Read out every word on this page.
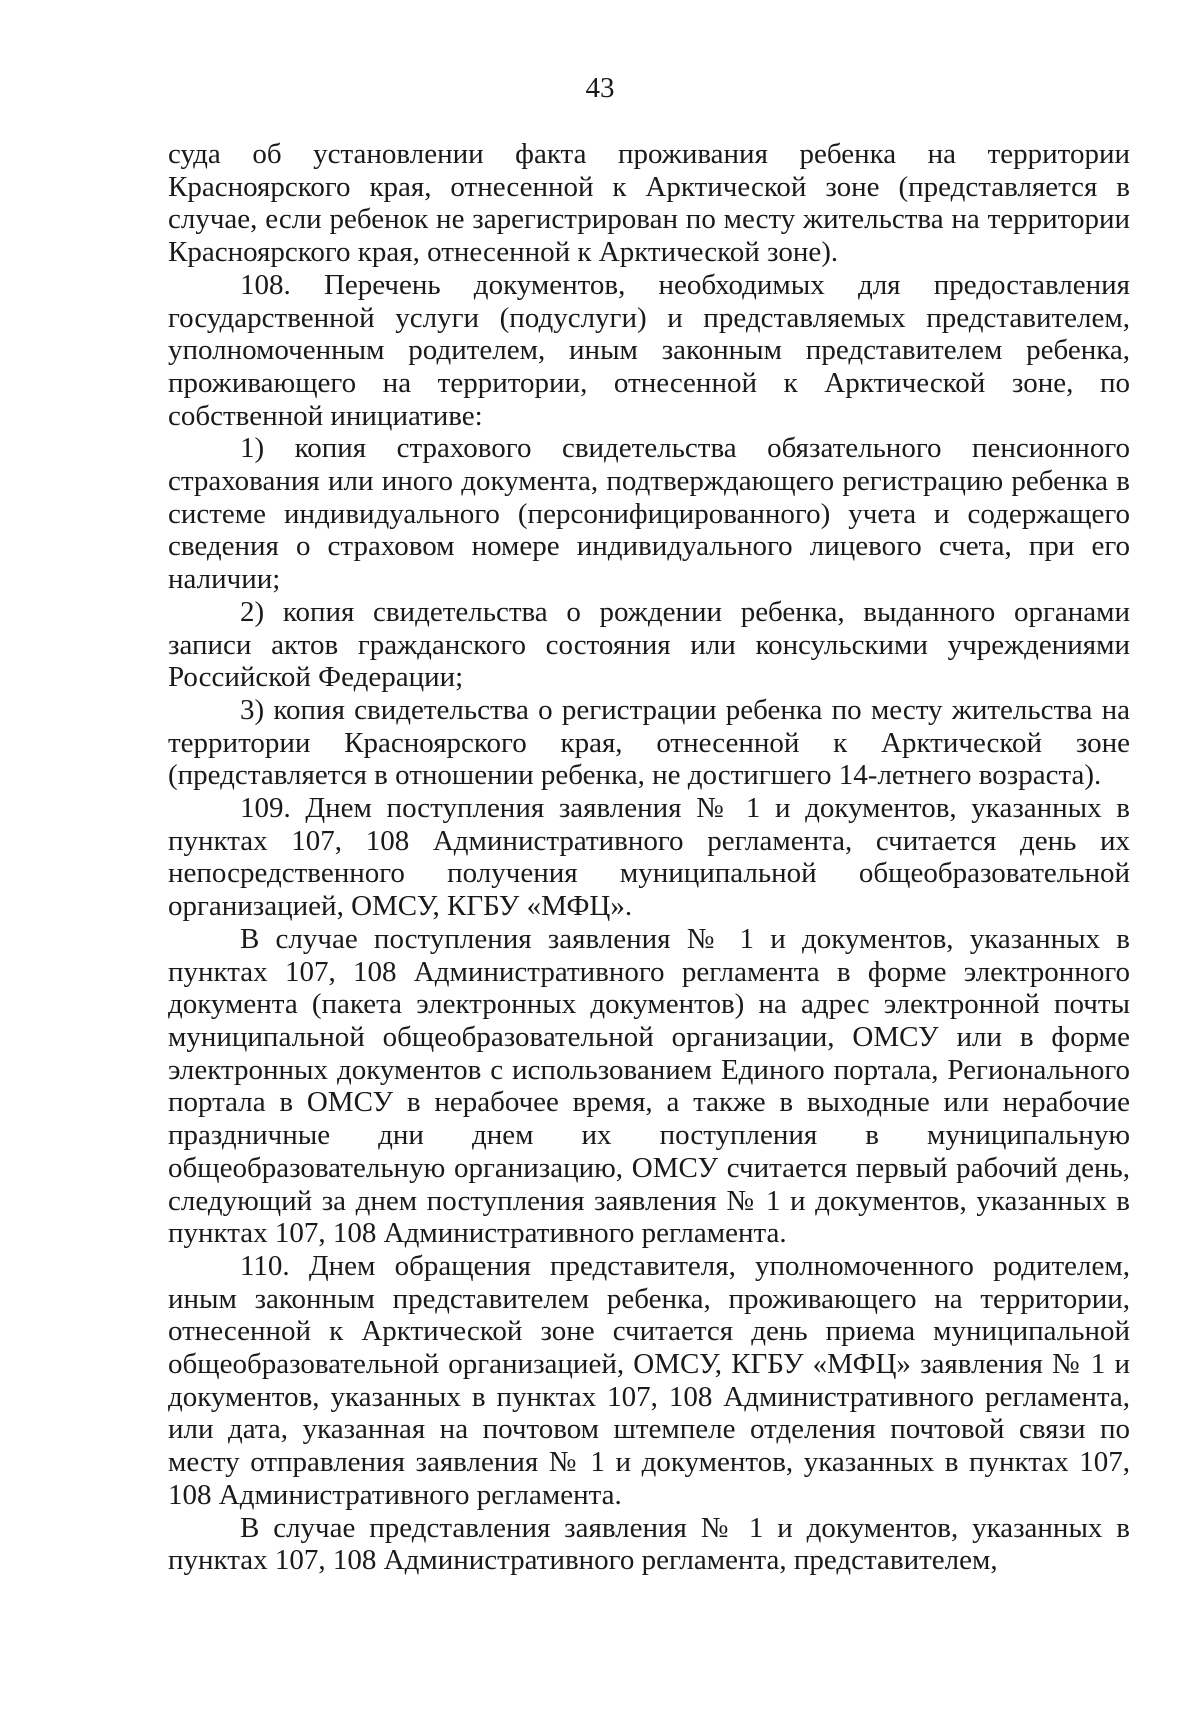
43

суда об установлении факта проживания ребенка на территории Красноярского края, отнесенной к Арктической зоне (представляется в случае, если ребенок не зарегистрирован по месту жительства на территории Красноярского края, отнесенной к Арктической зоне).

108. Перечень документов, необходимых для предоставления государственной услуги (подуслуги) и представляемых представителем, уполномоченным родителем, иным законным представителем ребенка, проживающего на территории, отнесенной к Арктической зоне, по собственной инициативе:

1) копия страхового свидетельства обязательного пенсионного страхования или иного документа, подтверждающего регистрацию ребенка в системе индивидуального (персонифицированного) учета и содержащего сведения о страховом номере индивидуального лицевого счета, при его наличии;

2) копия свидетельства о рождении ребенка, выданного органами записи актов гражданского состояния или консульскими учреждениями Российской Федерации;

3) копия свидетельства о регистрации ребенка по месту жительства на территории Красноярского края, отнесенной к Арктической зоне (представляется в отношении ребенка, не достигшего 14-летнего возраста).

109. Днем поступления заявления № 1 и документов, указанных в пунктах 107, 108 Административного регламента, считается день их непосредственного получения муниципальной общеобразовательной организацией, ОМСУ, КГБУ «МФЦ».

В случае поступления заявления № 1 и документов, указанных в пунктах 107, 108 Административного регламента в форме электронного документа (пакета электронных документов) на адрес электронной почты муниципальной общеобразовательной организации, ОМСУ или в форме электронных документов с использованием Единого портала, Регионального портала в ОМСУ в нерабочее время, а также в выходные или нерабочие праздничные дни днем их поступления в муниципальную общеобразовательную организацию, ОМСУ считается первый рабочий день, следующий за днем поступления заявления № 1 и документов, указанных в пунктах 107, 108 Административного регламента.

110. Днем обращения представителя, уполномоченного родителем, иным законным представителем ребенка, проживающего на территории, отнесенной к Арктической зоне считается день приема муниципальной общеобразовательной организацией, ОМСУ, КГБУ «МФЦ» заявления № 1 и документов, указанных в пунктах 107, 108 Административного регламента, или дата, указанная на почтовом штемпеле отделения почтовой связи по месту отправления заявления № 1 и документов, указанных в пунктах 107, 108 Административного регламента.

В случае представления заявления № 1 и документов, указанных в пунктах 107, 108 Административного регламента, представителем,
